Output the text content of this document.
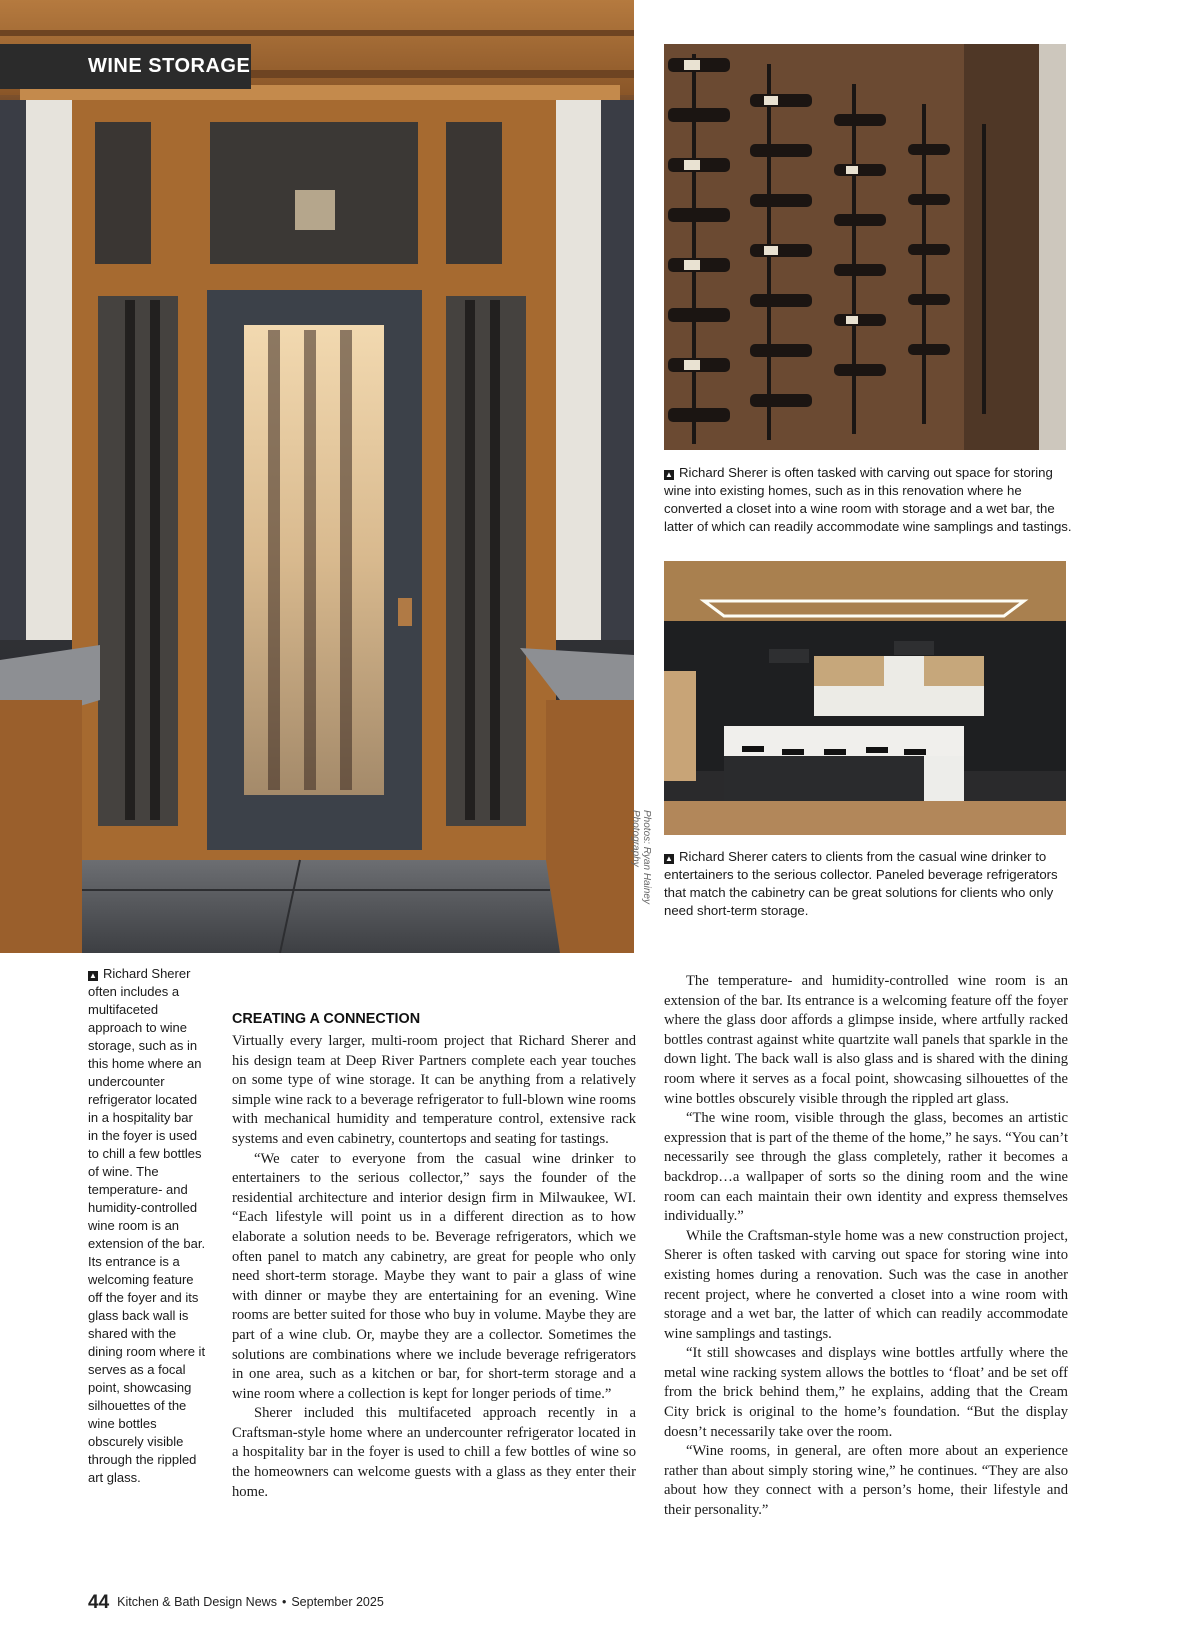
WINE STORAGE
Photos: Ryan Hainey Photography
▲ Richard Sherer is often tasked with carving out space for storing wine into existing homes, such as in this renovation where he converted a closet into a wine room with storage and a wet bar, the latter of which can readily accommodate wine samplings and tastings.
▲ Richard Sherer caters to clients from the casual wine drinker to entertainers to the serious collector. Paneled beverage refrigerators that match the cabinetry can be great solutions for clients who only need short-term storage.
▲ Richard Sherer often includes a multifaceted approach to wine storage, such as in this home where an undercounter refrigerator located in a hospitality bar in the foyer is used to chill a few bottles of wine. The temperature- and humidity-controlled wine room is an extension of the bar. Its entrance is a welcoming feature off the foyer and its glass back wall is shared with the dining room where it serves as a focal point, showcasing silhouettes of the wine bottles obscurely visible through the rippled art glass.
CREATING A CONNECTION

Virtually every larger, multi-room project that Richard Sherer and his design team at Deep River Partners complete each year touches on some type of wine storage. It can be anything from a relatively simple wine rack to a beverage refrigerator to full-blown wine rooms with mechanical humidity and temperature control, extensive rack systems and even cabinetry, countertops and seating for tastings.

“We cater to everyone from the casual wine drinker to entertainers to the serious collector,” says the founder of the residential architecture and interior design firm in Milwaukee, WI. “Each lifestyle will point us in a different direction as to how elaborate a solution needs to be. Beverage refrigerators, which we often panel to match any cabinetry, are great for people who only need short-term storage. Maybe they want to pair a glass of wine with dinner or maybe they are entertaining for an evening. Wine rooms are better suited for those who buy in volume. Maybe they are part of a wine club. Or, maybe they are a collector. Sometimes the solutions are combinations where we include beverage refrigerators in one area, such as a kitchen or bar, for short-term storage and a wine room where a collection is kept for longer periods of time.”

Sherer included this multifaceted approach recently in a Craftsman-style home where an undercounter refrigerator located in a hospitality bar in the foyer is used to chill a few bottles of wine so the homeowners can welcome guests with a glass as they enter their home.

The temperature- and humidity-controlled wine room is an extension of the bar. Its entrance is a welcoming feature off the foyer where the glass door affords a glimpse inside, where artfully racked bottles contrast against white quartzite wall panels that sparkle in the down light. The back wall is also glass and is shared with the dining room where it serves as a focal point, showcasing silhouettes of the wine bottles obscurely visible through the rippled art glass.

“The wine room, visible through the glass, becomes an artistic expression that is part of the theme of the home,” he says. “You can’t necessarily see through the glass completely, rather it becomes a backdrop…a wallpaper of sorts so the dining room and the wine room can each maintain their own identity and express themselves individually.”

While the Craftsman-style home was a new construction project, Sherer is often tasked with carving out space for storing wine into existing homes during a renovation. Such was the case in another recent project, where he converted a closet into a wine room with storage and a wet bar, the latter of which can readily accommodate wine samplings and tastings.

“It still showcases and displays wine bottles artfully where the metal wine racking system allows the bottles to ‘float’ and be set off from the brick behind them,” he explains, adding that the Cream City brick is original to the home’s foundation. “But the display doesn’t necessarily take over the room.

“Wine rooms, in general, are often more about an experience rather than about simply storing wine,” he continues. “They are also about how they connect with a person’s home, their lifestyle and their personality.”

44 Kitchen & Bath Design News • September 2025
